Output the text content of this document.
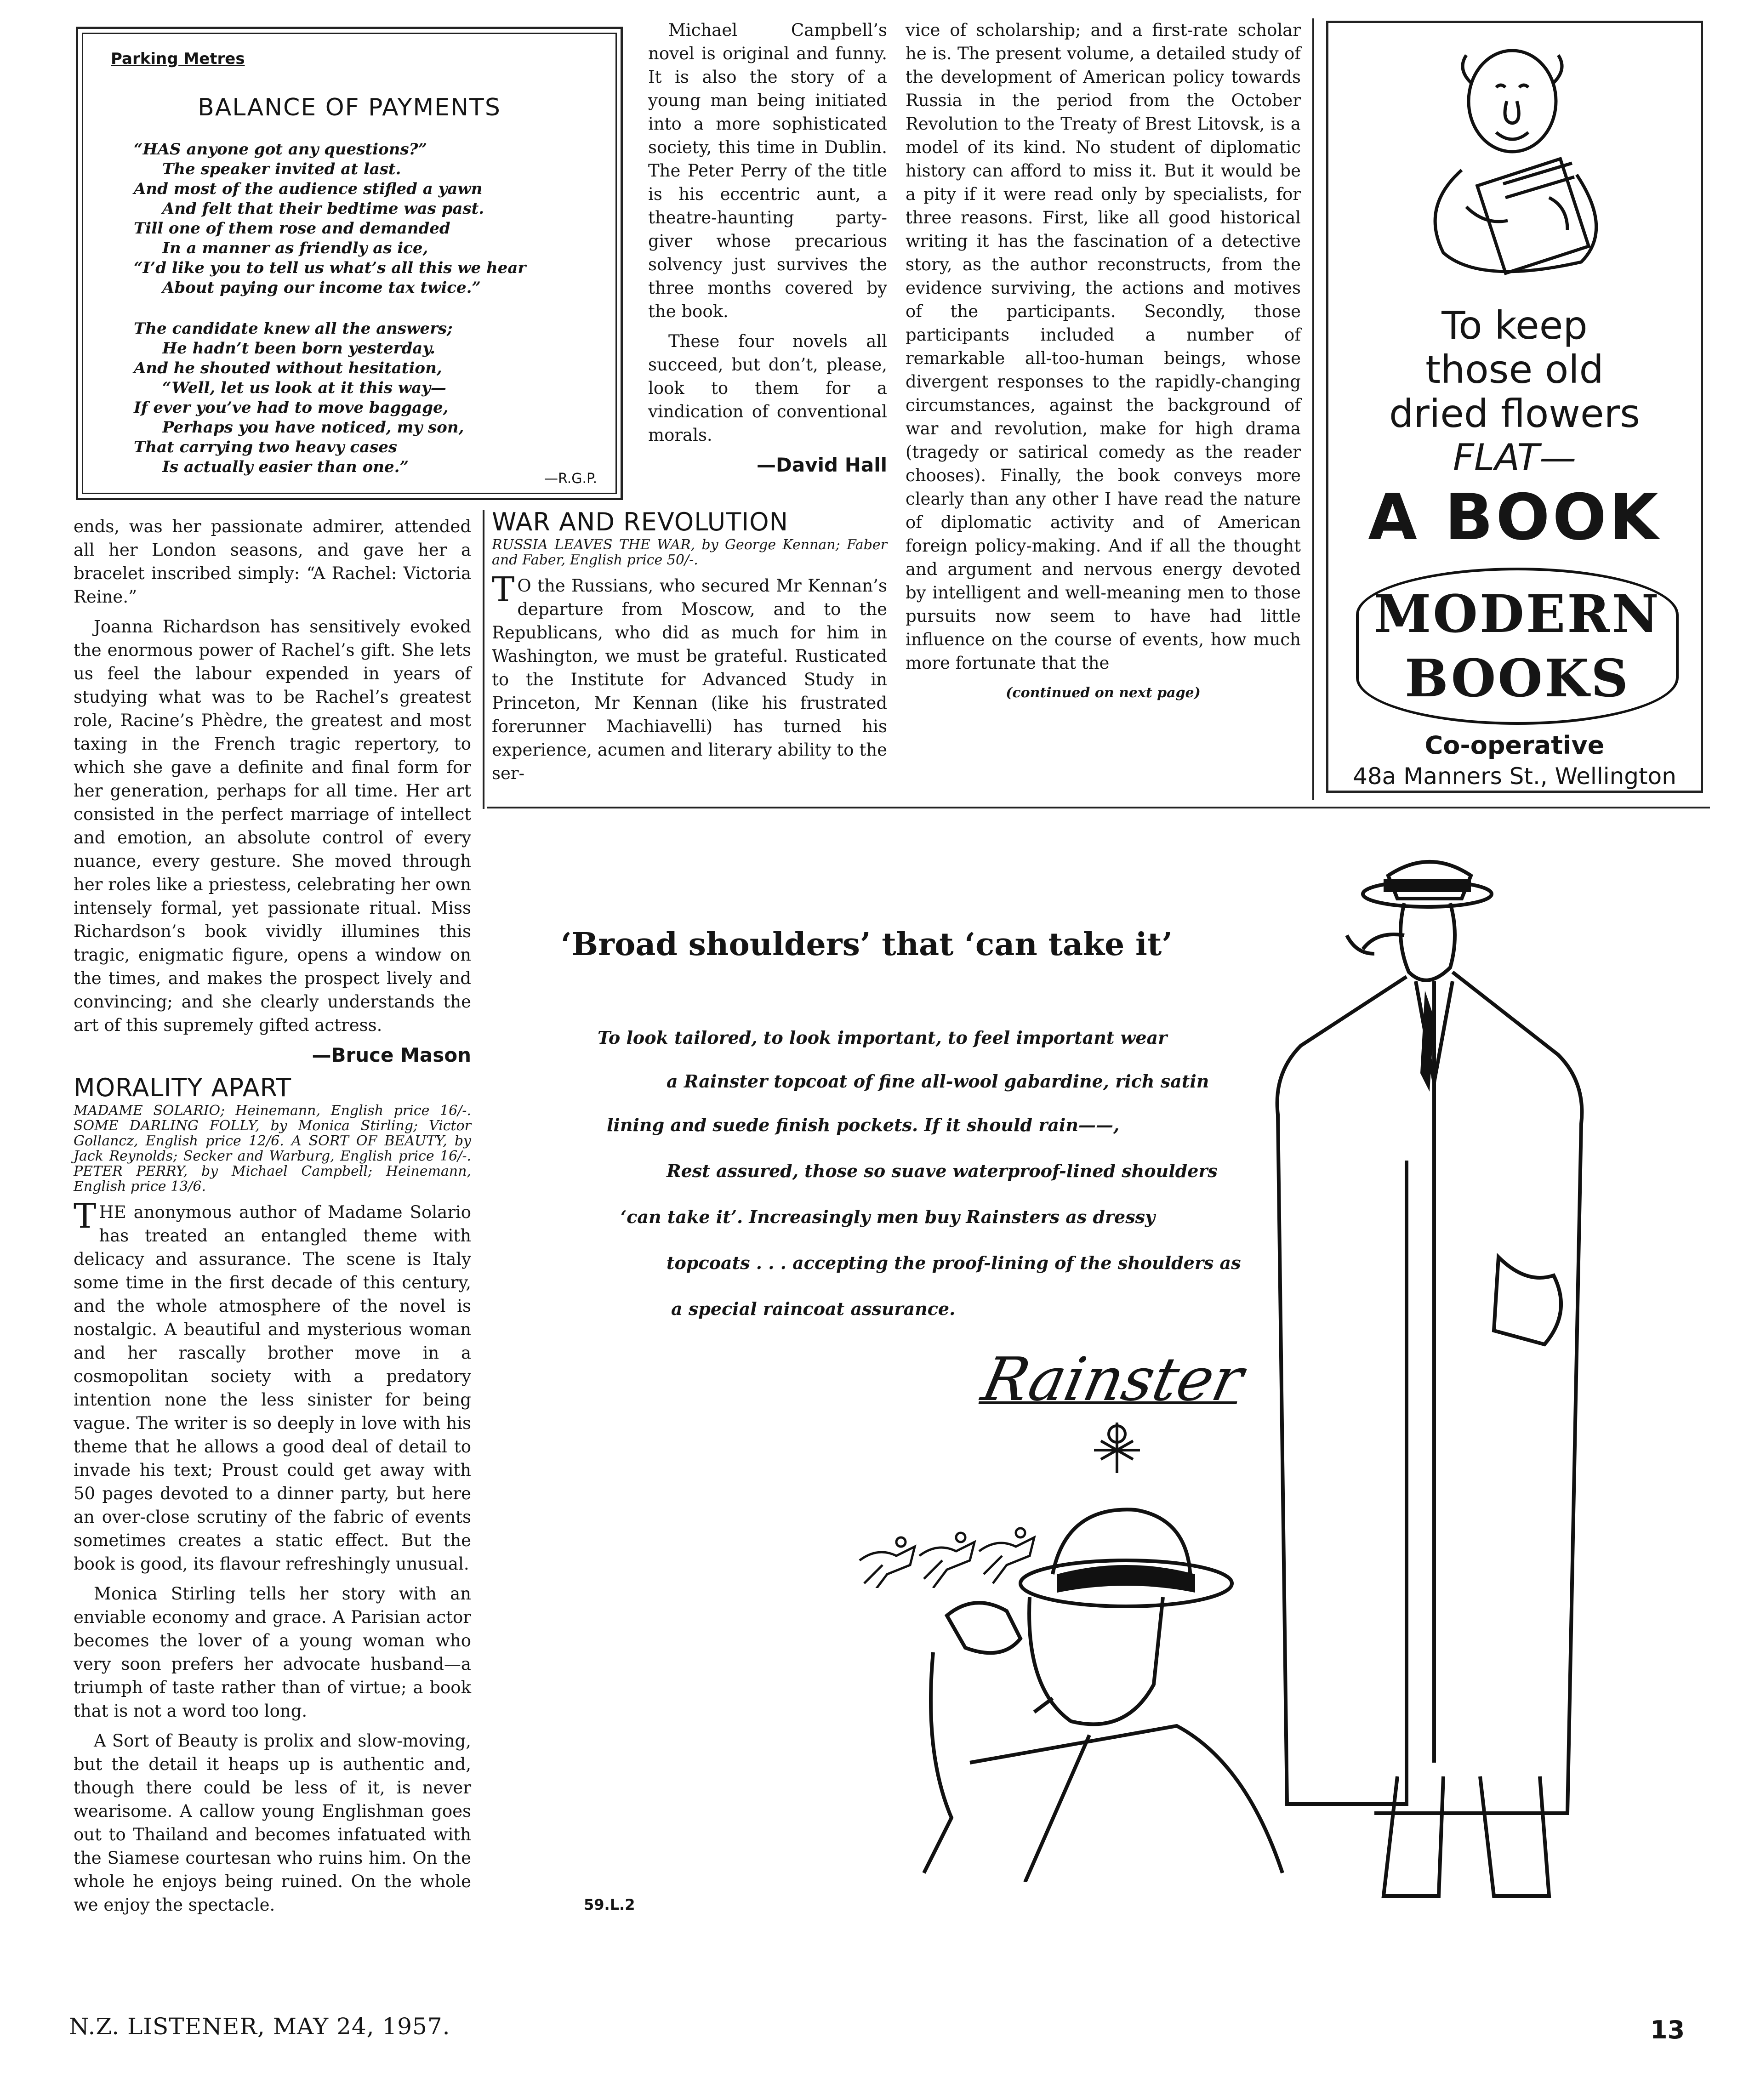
Parking Metres
BALANCE OF PAYMENTS
“HAS anyone got any questions?”
The speaker invited at last.
And most of the audience stifled a yawn
And felt that their bedtime was past.
Till one of them rose and demanded
In a manner as friendly as ice,
“I’d like you to tell us what’s all this we hear
About paying our income tax twice.”
The candidate knew all the answers;
He hadn’t been born yesterday.
And he shouted without hesitation,
“Well, let us look at it this way—
If ever you’ve had to move baggage,
Perhaps you have noticed, my son,
That carrying two heavy cases
Is actually easier than one.”
—R.G.P.

Michael Campbell’s novel is original and funny. It is also the story of a young man being initiated into a more sophisticated society, this time in Dublin. The Peter Perry of the title is his eccentric aunt, a theatre-haunting party-giver whose precarious solvency just survives the three months covered by the book.

These four novels all succeed, but don’t, please, look to them for a vindication of conventional morals.

—David Hall

vice of scholarship; and a first-rate scholar he is. The present volume, a detailed study of the development of American policy towards Russia in the period from the October Revolution to the Treaty of Brest Litovsk, is a model of its kind. No student of diplomatic history can afford to miss it. But it would be a pity if it were read only by specialists, for three reasons. First, like all good historical writing it has the fascination of a detective story, as the author reconstructs, from the evidence surviving, the actions and motives of the participants. Secondly, those participants included a number of remarkable all-too-human beings, whose divergent responses to the rapidly-changing circumstances, against the background of war and revolution, make for high drama (tragedy or satirical comedy as the reader chooses). Finally, the book conveys more clearly than any other I have read the nature of diplomatic activity and of American foreign policy-making. And if all the thought and argument and nervous energy devoted by intelligent and well-meaning men to those pursuits now seem to have had little influence on the course of events, how much more fortunate that the

(continued on next page)
To keep
those old
dried flowers
FLAT—
A BOOK
MODERN
BOOKS
Co-operative
48a Manners St., Wellington

ends, was her passionate admirer, attended all her London seasons, and gave her a bracelet inscribed simply: “A Rachel: Victoria Reine.”

Joanna Richardson has sensitively evoked the enormous power of Rachel’s gift. She lets us feel the labour expended in years of studying what was to be Rachel’s greatest role, Racine’s Phèdre, the greatest and most taxing in the French tragic repertory, to which she gave a definite and final form for her generation, perhaps for all time. Her art consisted in the perfect marriage of intellect and emotion, an absolute control of every nuance, every gesture. She moved through her roles like a priestess, celebrating her own intensely formal, yet passionate ritual. Miss Richardson’s book vividly illumines this tragic, enigmatic figure, opens a window on the times, and makes the prospect lively and convincing; and she clearly understands the art of this supremely gifted actress.

—Bruce Mason
MORALITY APART
MADAME SOLARIO; Heinemann, English price 16/-. SOME DARLING FOLLY, by Monica Stirling; Victor Gollancz, English price 12/6. A SORT OF BEAUTY, by Jack Reynolds; Secker and Warburg, English price 16/-. PETER PERRY, by Michael Campbell; Heinemann, English price 13/6.

THE anonymous author of Madame Solario has treated an entangled theme with delicacy and assurance. The scene is Italy some time in the first decade of this century, and the whole atmosphere of the novel is nostalgic. A beautiful and mysterious woman and her rascally brother move in a cosmopolitan society with a predatory intention none the less sinister for being vague. The writer is so deeply in love with his theme that he allows a good deal of detail to invade his text; Proust could get away with 50 pages devoted to a dinner party, but here an over-close scrutiny of the fabric of events sometimes creates a static effect. But the book is good, its flavour refreshingly unusual.

Monica Stirling tells her story with an enviable economy and grace. A Parisian actor becomes the lover of a young woman who very soon prefers her advocate husband—a triumph of taste rather than of virtue; a book that is not a word too long.

A Sort of Beauty is prolix and slow-moving, but the detail it heaps up is authentic and, though there could be less of it, is never wearisome. A callow young Englishman goes out to Thailand and becomes infatuated with the Siamese courtesan who ruins him. On the whole he enjoys being ruined. On the whole we enjoy the spectacle.

WAR AND REVOLUTION
RUSSIA LEAVES THE WAR, by George Kennan; Faber and Faber, English price 50/-.

T O the Russians, who secured Mr Kennan’s departure from Moscow, and to the Republicans, who did as much for him in Washington, we must be grateful. Rusticated to the Institute for Advanced Study in Princeton, Mr Kennan (like his frustrated forerunner Machiavelli) has turned his experience, acumen and literary ability to the ser-

‘Broad shoulders’ that ‘can take it’
To look tailored, to look important, to feel important wear
a Rainster topcoat of fine all-wool gabardine, rich satin
lining and suede finish pockets. If it should rain——,
Rest assured, those so suave waterproof-lined shoulders
‘can take it’. Increasingly men buy Rainsters as dressy
topcoats . . . accepting the proof-lining of the shoulders as
a special raincoat assurance.
Rainster
59.L.2
N.Z. LISTENER, MAY 24, 1957.	13
